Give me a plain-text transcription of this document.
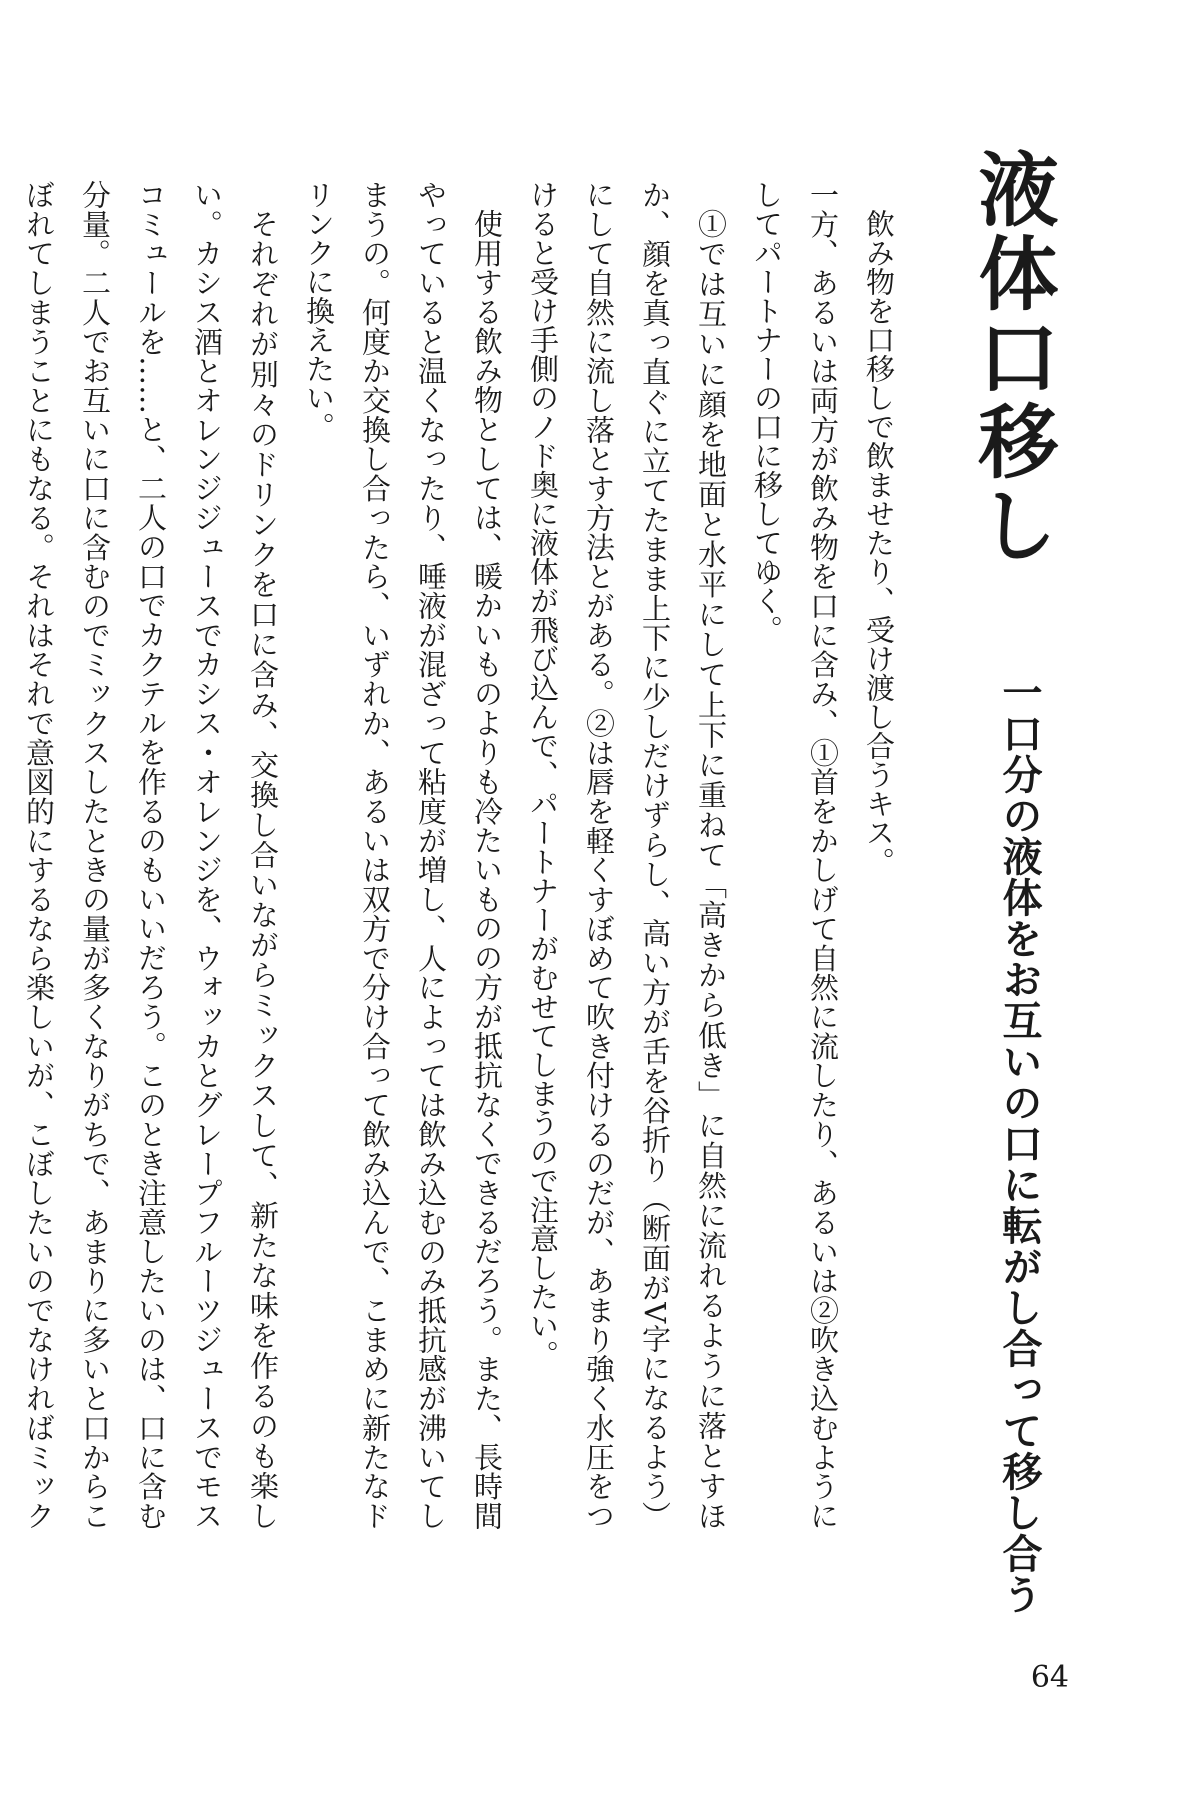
液体口移し
一口分の液体をお互いの口に転がし合って移し合う

飲み物を口移しで飲ませたり、受け渡し合うキス。

一方、あるいは両方が飲み物を口に含み、①首をかしげて自然に流したり、あるいは②吹き込むようにしてパートナーの口に移してゆく。

①では互いに顔を地面と水平にして上下に重ねて「高きから低き」に自然に流れるように落とすほか、顔を真っ直ぐに立てたまま上下に少しだけずらし、高い方が舌を谷折り（断面がV字になるよう）にして自然に流し落とす方法とがある。②は唇を軽くすぼめて吹き付けるのだが、あまり強く水圧をつけると受け手側のノド奥に液体が飛び込んで、パートナーがむせてしまうので注意したい。

使用する飲み物としては、暖かいものよりも冷たいものの方が抵抗なくできるだろう。また、長時間やっていると温くなったり、唾液が混ざって粘度が増し、人によっては飲み込むのみ抵抗感が沸いてしまうの。何度か交換し合ったら、いずれか、あるいは双方で分け合って飲み込んで、こまめに新たなドリンクに換えたい。

それぞれが別々のドリンクを口に含み、交換し合いながらミックスして、新たな味を作るのも楽しい。カシス酒とオレンジジュースでカシス・オレンジを、ウォッカとグレープフルーツジュースでモスコミュールを……と、二人の口でカクテルを作るのもいいだろう。このとき注意したいのは、口に含む分量。二人でお互いに口に含むのでミックスしたときの量が多くなりがちで、あまりに多いと口からこぼれてしまうことにもなる。それはそれで意図的にするなら楽しいが、こぼしたいのでなければミック

64
